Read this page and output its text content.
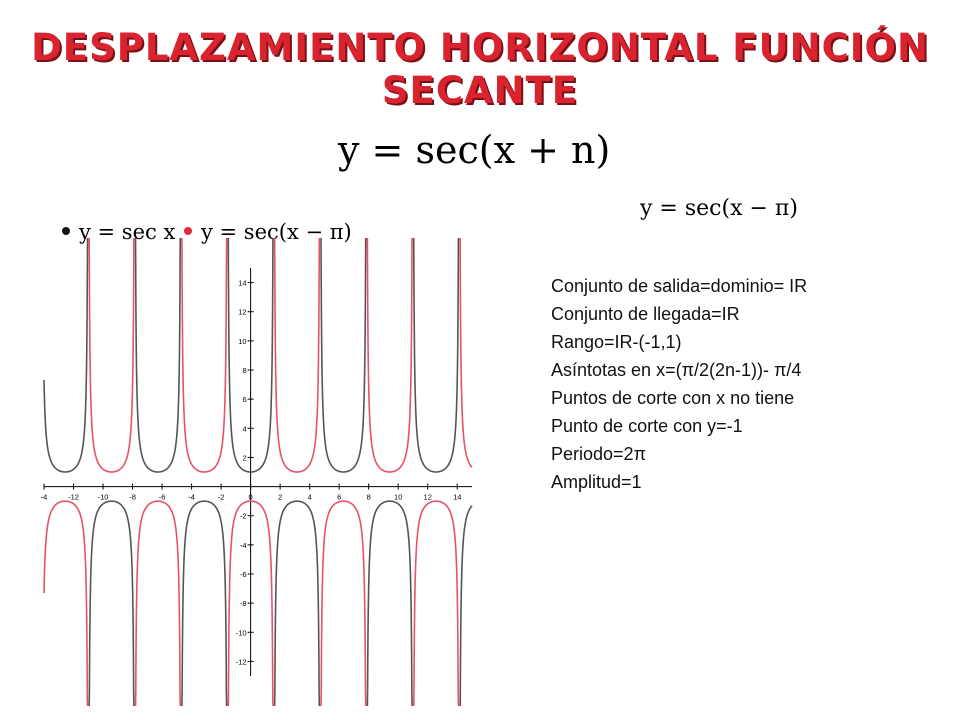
DESPLAZAMIENTO HORIZONTAL FUNCIÓN SECANTE
y = sec(x + n)
y = sec(x − π)
y = sec x	y = sec(x − π)
-4	-12 -10	-8	-6	-4	-2	0	2	4	6	8	10	12	14
14
12
10
8
6
4
2
-2
-4
-6
-8
-10
-12
Conjunto de salida=dominio= IR
Conjunto de llegada=IR
Rango=IR-(-1,1)
Asíntotas en x=(π/2(2n-1))- π/4
Puntos de corte con x no tiene
Punto de corte con y=-1
Periodo=2π
Amplitud=1
